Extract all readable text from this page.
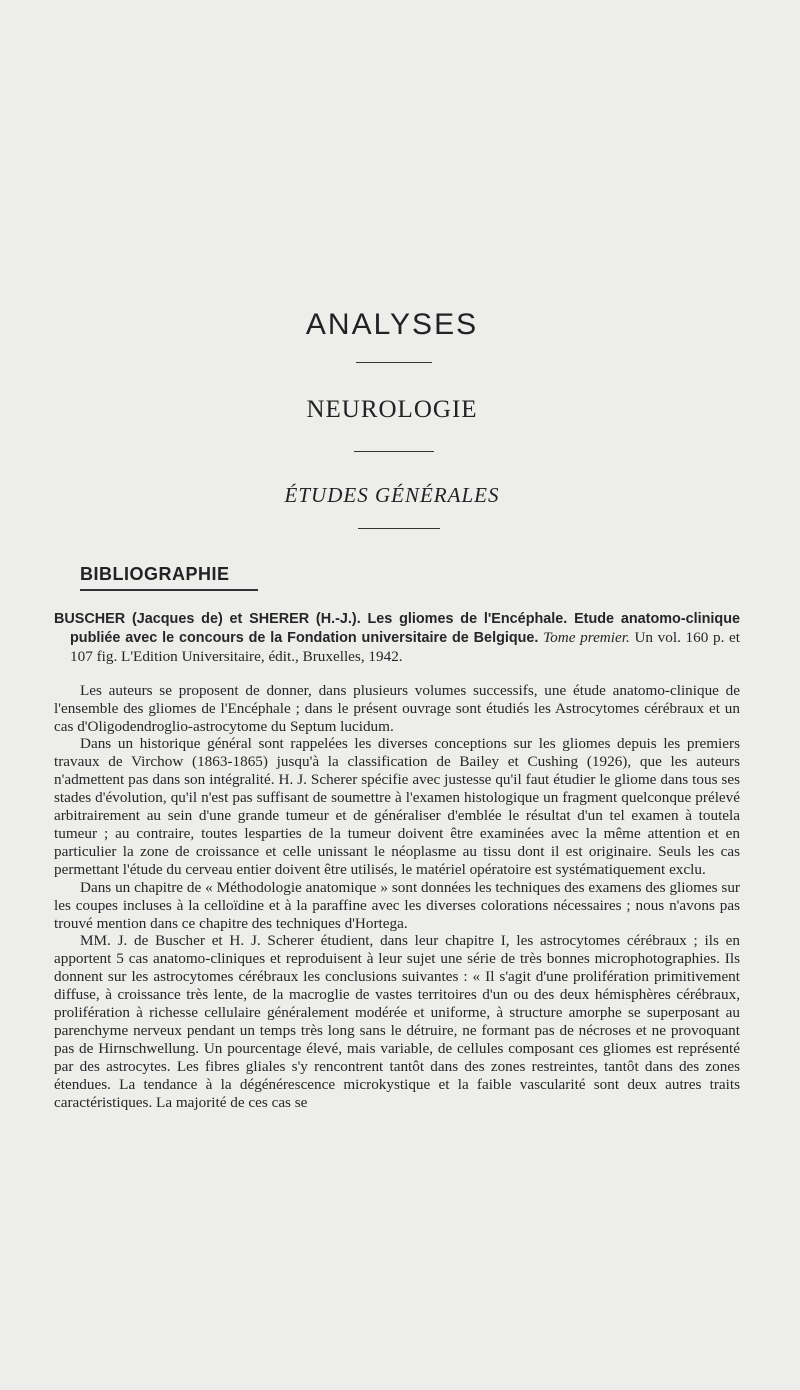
ANALYSES
NEUROLOGIE
ÉTUDES GÉNÉRALES
BIBLIOGRAPHIE

BUSCHER (Jacques de) et SHERER (H.-J.). Les gliomes de l'Encéphale. Etude anatomo-clinique publiée avec le concours de la Fondation universitaire de Belgique. Tome premier. Un vol. 160 p. et 107 fig. L'Edition Universitaire, édit., Bruxelles, 1942.

Les auteurs se proposent de donner, dans plusieurs volumes successifs, une étude anatomo-clinique de l'ensemble des gliomes de l'Encéphale ; dans le présent ouvrage sont étudiés les Astrocytomes cérébraux et un cas d'Oligodendroglio-astrocytome du Septum lucidum.

Dans un historique général sont rappelées les diverses conceptions sur les gliomes depuis les premiers travaux de Virchow (1863-1865) jusqu'à la classification de Bailey et Cushing (1926), que les auteurs n'admettent pas dans son intégralité. H. J. Scherer spécifie avec justesse qu'il faut étudier le gliome dans tous ses stades d'évolution, qu'il n'est pas suffisant de soumettre à l'examen histologique un fragment quelconque prélevé arbitrairement au sein d'une grande tumeur et de généraliser d'emblée le résultat d'un tel examen à toutela tumeur ; au contraire, toutes lesparties de la tumeur doivent être examinées avec la même attention et en particulier la zone de croissance et celle unissant le néoplasme au tissu dont il est originaire. Seuls les cas permettant l'étude du cerveau entier doivent être utilisés, le matériel opératoire est systématiquement exclu.

Dans un chapitre de « Méthodologie anatomique » sont données les techniques des examens des gliomes sur les coupes incluses à la celloïdine et à la paraffine avec les diverses colorations nécessaires ; nous n'avons pas trouvé mention dans ce chapitre des techniques d'Hortega.

MM. J. de Buscher et H. J. Scherer étudient, dans leur chapitre I, les astrocytomes cérébraux ; ils en apportent 5 cas anatomo-cliniques et reproduisent à leur sujet une série de très bonnes microphotographies. Ils donnent sur les astrocytomes cérébraux les conclusions suivantes : « Il s'agit d'une prolifération primitivement diffuse, à croissance très lente, de la macroglie de vastes territoires d'un ou des deux hémisphères cérébraux, prolifération à richesse cellulaire généralement modérée et uniforme, à structure amorphe se superposant au parenchyme nerveux pendant un temps très long sans le détruire, ne formant pas de nécroses et ne provoquant pas de Hirnschwellung. Un pourcentage élevé, mais variable, de cellules composant ces gliomes est représenté par des astrocytes. Les fibres gliales s'y rencontrent tantôt dans des zones restreintes, tantôt dans des zones étendues. La tendance à la dégénérescence microkystique et la faible vascularité sont deux autres traits caractéristiques. La majorité de ces cas se
